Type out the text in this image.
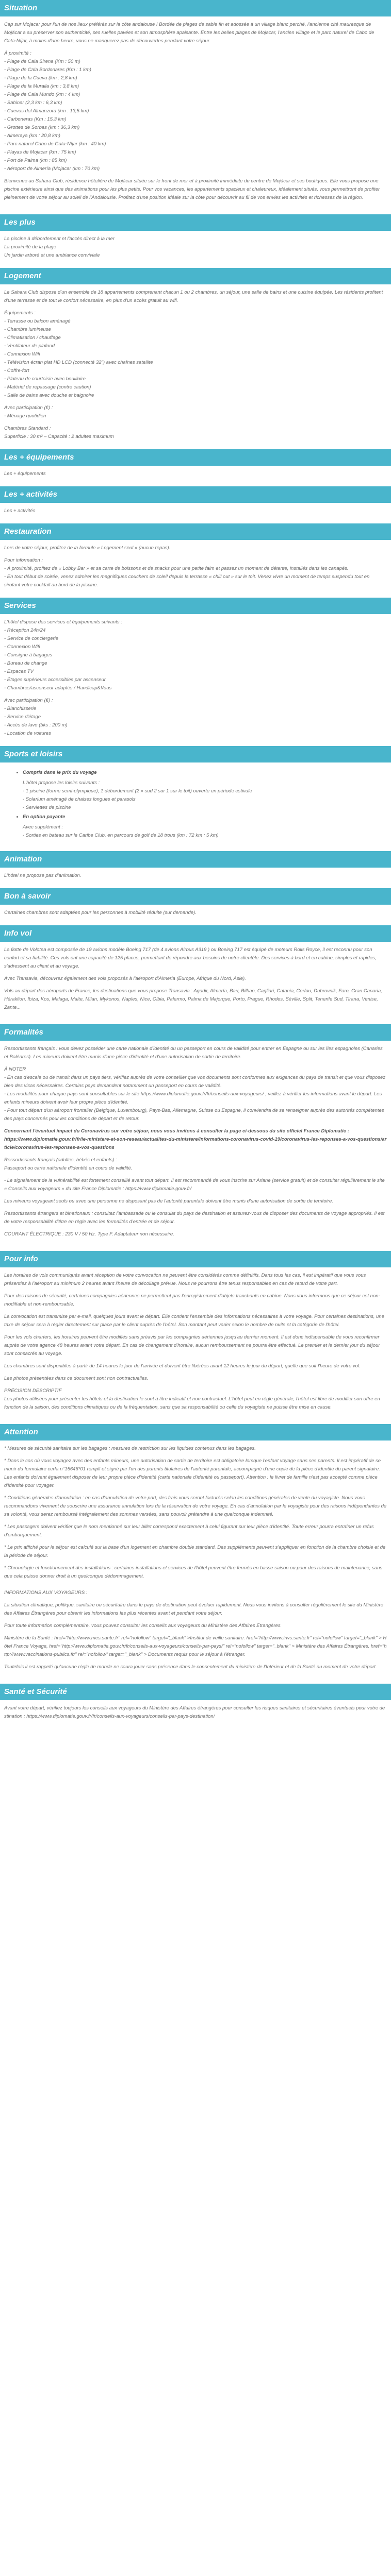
Situation

Cap sur Mojacar pour l'un de nos lieux préférés sur la côte andalouse ! Bordée de plages de sable fin et adossée à un village blanc perché, l'ancienne cité mauresque de Mojácar a su préserver son authenticité, ses ruelles pavées et son atmosphère apaisante. Entre les belles plages de Mojacar, l'ancien village et le parc naturel de Cabo de Gata-Níjar, à moins d'une heure, vous ne manquerez pas de découvertes pendant votre séjour.

À proximité :
- Plage de Cala Sirena (Km : 50 m)
- Plage de Cala Bordonares (Km : 1 km)
- Plage de la Cueva (km : 2,8 km)
- Plage de la Muralla (km : 3,8 km)
- Plage de Cala Mundo (km : 4 km)
- Sabinar (2,3 km : 6,3 km)
- Cuevas del Almanzora (km : 13,5 km)
- Carboneras (Km : 15,3 km)
- Grottes de Sorbas (km : 36,3 km)
- Almeraya (km : 20,8 km)
- Parc naturel Cabo de Gata-Níjar (km : 40 km)
- Playas de Mojacar (km : 75 km)
- Port de Palma (km : 85 km)
- Aéroport de Almería (Mojacar (km : 70 km)

Bienvenue au Sahara Club, résidence hôtelière de Mojácar située sur le front de mer et à proximité immédiate du centre de Mojácar et ses boutiques. Elle vous propose une piscine extérieure ainsi que des animations pour les plus petits. Pour vos vacances, les appartements spacieux et chaleureux, idéalement situés, vous permettront de profiter pleinement de votre séjour au soleil de l'Andalousie. Profitez d'une position idéale sur la côte pour découvrir au fil de vos envies les activités et richesses de la région.

Les plus
La piscine à débordement et l'accès direct à la mer
La proximité de la plage
Un jardin arboré et une ambiance conviviale
Logement

Le Sahara Club dispose d'un ensemble de 18 appartements comprenant chacun 1 ou 2 chambres, un séjour, une salle de bains et une cuisine équipée. Les résidents profitent d'une terrasse et de tout le confort nécessaire, en plus d'un accès gratuit au wifi.

Équipements :
- Terrasse ou balcon aménagé
- Chambre lumineuse
- Climatisation / chauffage
- Ventilateur de plafond
- Connexion Wifi
- Télévision écran plat HD LCD (connecté 32") avec chaînes satellite
- Coffre-fort
- Plateau de courtoisie avec bouilloire
- Matériel de repassage (contre caution)
- Salle de bains avec douche et baignoire
Avec participation (€) :
- Ménage quotidien
Chambres Standard :
Superficie : 30 m² – Capacité : 2 adultes maximum
Les + équipements
Les + équipements
Les + activités
Les + activités
Restauration

Lors de votre séjour, profitez de la formule « Logement seul » (aucun repas).

Pour information :
- À proximité, profitez de « Lobby Bar » et sa carte de boissons et de snacks pour une petite faim et passez un moment de détente, installés dans les canapés.
- En tout début de soirée, venez admirer les magnifiques couchers de soleil depuis la terrasse « chill out » sur le toit. Venez vivre un moment de temps suspendu tout en sirotant votre cocktail au bord de la piscine.
Services
L'hôtel dispose des services et équipements suivants :
- Réception 24h/24
- Service de conciergerie
- Connexion Wifi
- Consigne à bagages
- Bureau de change
- Espaces TV
- Étages supérieurs accessibles par ascenseur
- Chambres/ascenseur adaptés / Handicap&Vous
Avec participation (€) :
- Blanchisserie
- Service d'étage
- Accès de lavo (bks : 200 m)
- Location de voitures
Sports et loisirs
• Compris dans le prix du voyage
L'hôtel propose les loisirs suivants :
- 1 piscine (forme semi-olympique), 1 débordement (2 » sud 2 sur 1 sur le toit) ouverte en période estivale
- Solarium aménagé de chaises longues et parasols
- Serviettes de piscine
• En option payante
Avec supplément :
- Sorties en bateau sur le Caribe Club, en parcours de golf de 18 trous (km : 72 km : 5 km)
Animation
L'hôtel ne propose pas d'animation.
Bon à savoir
Certaines chambres sont adaptées pour les personnes à mobilité réduite (sur demande).
Info vol

La flotte de Volotea est composée de 19 avions modèle Boeing 717 (de 4 avions Airbus A319 ) ou Boeing 717 est équipé de moteurs Rolls Royce, il est reconnu pour son confort et sa fiabilité. Ces vols ont une capacité de 125 places, permettant de répondre aux besoins de notre clientèle. Des services à bord et en cabine, simples et rapides, s'adressent au client et au voyage.

Avec Transavia, découvrez également des vols proposés à l'aéroport d'Almeria (Europe, Afrique du Nord, Asie).

Vols au départ des aéroports de France, les destinations que vous propose Transavia : Agadir, Almería, Bari, Bilbao, Cagliari, Catania, Corfou, Dubrovnik, Faro, Gran Canaria, Héraklion, Ibiza, Kos, Malaga, Malte, Milan, Mykonos, Naples, Nice, Olbia, Palermo, Palma de Majorque, Porto, Prague, Rhodes, Séville, Split, Tenerife Sud, Tirana, Venise, Zante...

Formalités

Ressortissants français : vous devez posséder une carte nationale d'identité ou un passeport en cours de validité pour entrer en Espagne ou sur les îles espagnoles (Canaries et Baléares). Les mineurs doivent être munis d'une pièce d'identité et d'une autorisation de sortie de territoire.

À NOTER
- En cas d'escale ou de transit dans un pays tiers, vérifiez auprès de votre conseiller que vos documents sont conformes aux exigences du pays de transit et que vous disposez bien des visas nécessaires. Certains pays demandent notamment un passeport en cours de validité.
- Les modalités pour chaque pays sont consultables sur le site https://www.diplomatie.gouv.fr/fr/conseils-aux-voyageurs/ ; veillez à vérifier les informations avant le départ. Les enfants mineurs doivent avoir leur propre pièce d'identité.
- Pour tout départ d'un aéroport frontalier (Belgique, Luxembourg), Pays-Bas, Allemagne, Suisse ou Espagne, il conviendra de se renseigner auprès des autorités compétentes des pays concernés pour les conditions de départ et de retour.
Concernant l'éventuel impact du Coronavirus sur votre séjour, nous vous invitons à consulter la page ci-dessous du site officiel France Diplomatie :
https://www.diplomatie.gouv.fr/fr/le-ministere-et-son-reseau/actualites-du-ministere/informations-coronavirus-covid-19/coronavirus-les-reponses-a-vos-questions/article/coronavirus-les-reponses-a-vos-questions
Ressortissants français (adultes, bébés et enfants) :
Passeport ou carte nationale d'identité en cours de validité.

- Le signalement de la vulnérabilité est fortement conseillé avant tout départ. Il est recommandé de vous inscrire sur Ariane (service gratuit) et de consulter régulièrement le site « Conseils aux voyageurs » du site France Diplomatie : https://www.diplomatie.gouv.fr/

Les mineurs voyageant seuls ou avec une personne ne disposant pas de l'autorité parentale doivent être munis d'une autorisation de sortie de territoire.

Ressortissants étrangers et binationaux : consultez l'ambassade ou le consulat du pays de destination et assurez-vous de disposer des documents de voyage appropriés. Il est de votre responsabilité d'être en règle avec les formalités d'entrée et de séjour.

COURANT ÉLECTRIQUE : 230 V / 50 Hz. Type F. Adaptateur non nécessaire.

Pour info

Les horaires de vols communiqués avant réception de votre convocation ne peuvent être considérés comme définitifs. Dans tous les cas, il est impératif que vous vous présentiez à l'aéroport au minimum 2 heures avant l'heure de décollage prévue. Nous ne pourrons être tenus responsables en cas de retard de votre part.

Pour des raisons de sécurité, certaines compagnies aériennes ne permettent pas l'enregistrement d'objets tranchants en cabine. Nous vous informons que ce séjour est non-modifiable et non-remboursable.

La convocation est transmise par e-mail, quelques jours avant le départ. Elle contient l'ensemble des informations nécessaires à votre voyage. Pour certaines destinations, une taxe de séjour sera à régler directement sur place par le client auprès de l'hôtel. Son montant peut varier selon le nombre de nuits et la catégorie de l'hôtel.

Pour les vols charters, les horaires peuvent être modifiés sans préavis par les compagnies aériennes jusqu'au dernier moment. Il est donc indispensable de vous reconfirmer auprès de votre agence 48 heures avant votre départ. En cas de changement d'horaire, aucun remboursement ne pourra être effectué. Le premier et le dernier jour du séjour sont consacrés au voyage.

Les chambres sont disponibles à partir de 14 heures le jour de l'arrivée et doivent être libérées avant 12 heures le jour du départ, quelle que soit l'heure de votre vol.

Les photos présentées dans ce document sont non contractuelles.

PRÉCISION DESCRIPTIF

Les photos utilisées pour présenter les hôtels et la destination le sont à titre indicatif et non contractuel. L'hôtel peut en règle générale, l'hôtel est libre de modifier son offre en fonction de la saison, des conditions climatiques ou de la fréquentation, sans que sa responsabilité ou celle du voyagiste ne puisse être mise en cause.

Attention

* Mesures de sécurité sanitaire sur les bagages : mesures de restriction sur les liquides contenus dans les bagages.

* Dans le cas où vous voyagez avec des enfants mineurs, une autorisation de sortie de territoire est obligatoire lorsque l'enfant voyage sans ses parents. Il est impératif de se munir du formulaire cerfa n°15646*01 rempli et signé par l'un des parents titulaires de l'autorité parentale, accompagné d'une copie de la pièce d'identité du parent signataire. Les enfants doivent également disposer de leur propre pièce d'identité (carte nationale d'identité ou passeport). Attention : le livret de famille n'est pas accepté comme pièce d'identité pour voyager.

* Conditions générales d'annulation : en cas d'annulation de votre part, des frais vous seront facturés selon les conditions générales de vente du voyagiste. Nous vous recommandons vivement de souscrire une assurance annulation lors de la réservation de votre voyage. En cas d'annulation par le voyagiste pour des raisons indépendantes de sa volonté, vous serez remboursé intégralement des sommes versées, sans pouvoir prétendre à une quelconque indemnité.

* Les passagers doivent vérifier que le nom mentionné sur leur billet correspond exactement à celui figurant sur leur pièce d'identité. Toute erreur pourra entraîner un refus d'embarquement.

* Le prix affiché pour le séjour est calculé sur la base d'un logement en chambre double standard. Des suppléments peuvent s'appliquer en fonction de la chambre choisie et de la période de séjour.

* Chronologie et fonctionnement des installations : certaines installations et services de l'hôtel peuvent être fermés en basse saison ou pour des raisons de maintenance, sans que cela puisse donner droit à un quelconque dédommagement.

INFORMATIONS AUX VOYAGEURS :

La situation climatique, politique, sanitaire ou sécuritaire dans le pays de destination peut évoluer rapidement. Nous vous invitons à consulter régulièrement le site du Ministère des Affaires Étrangères pour obtenir les informations les plus récentes avant et pendant votre séjour.

Pour toute information complémentaire, vous pouvez consulter les conseils aux voyageurs du Ministère des Affaires Étrangères.

Ministère de la Santé : href="http://www.mes.sante.fr" rel="nofollow" target="_blank" >Institut de veille sanitaire. href="http://www.invs.sante.fr" rel="nofollow" target="_blank" > Hôtel France Voyage, href="http://www.diplomatie.gouv.fr/fr/conseils-aux-voyageurs/conseils-par-pays/" rel="nofollow" target="_blank" > Ministère des Affaires Étrangères. href="http://www.vaccinations-publics.fr/" rel="nofollow" target="_blank" > Documents requis pour le séjour à l'étranger.

Toutefois il est rappelé qu'aucune règle de monde ne saura jouer sans présence dans le consentement du ministère de l'Intérieur et de la Santé au moment de votre départ.

Santé et Sécurité

Avant votre départ, vérifiez toujours les conseils aux voyageurs du Ministère des Affaires étrangères pour consulter les risques sanitaires et sécuritaires éventuels pour votre destination : https://www.diplomatie.gouv.fr/fr/conseils-aux-voyageurs/conseils-par-pays-destination/
